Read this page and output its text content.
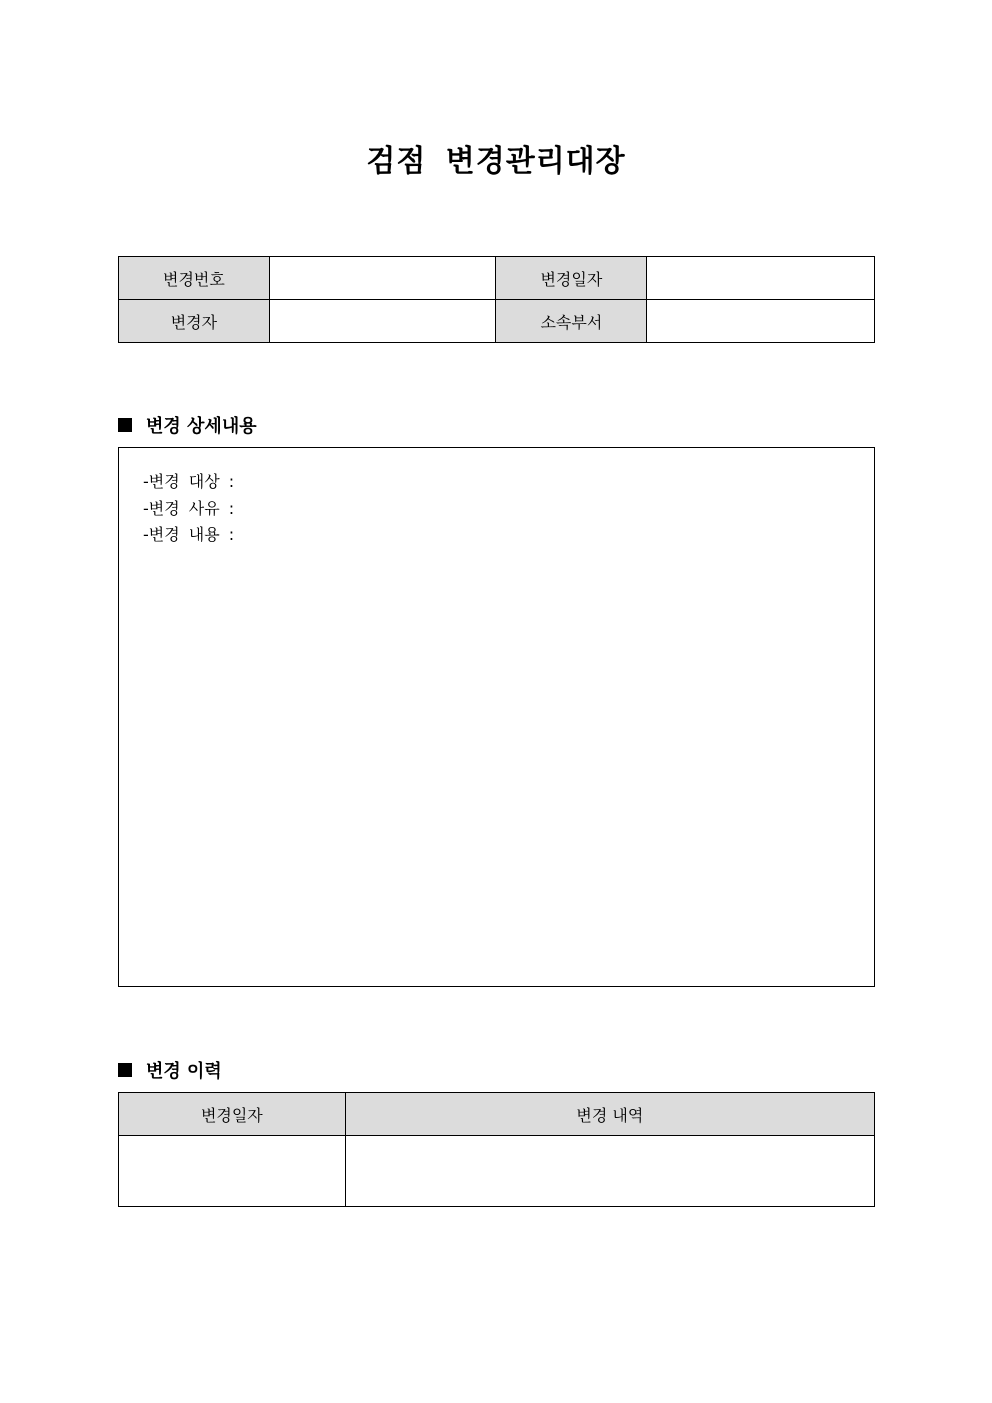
검점 변경관리대장
변경번호		변경일자	
변경자		소속부서	
변경 상세내용
-변경 대상 :
-변경 사유 :
-변경 내용 :
변경 이력
변경일자	변경 내역
